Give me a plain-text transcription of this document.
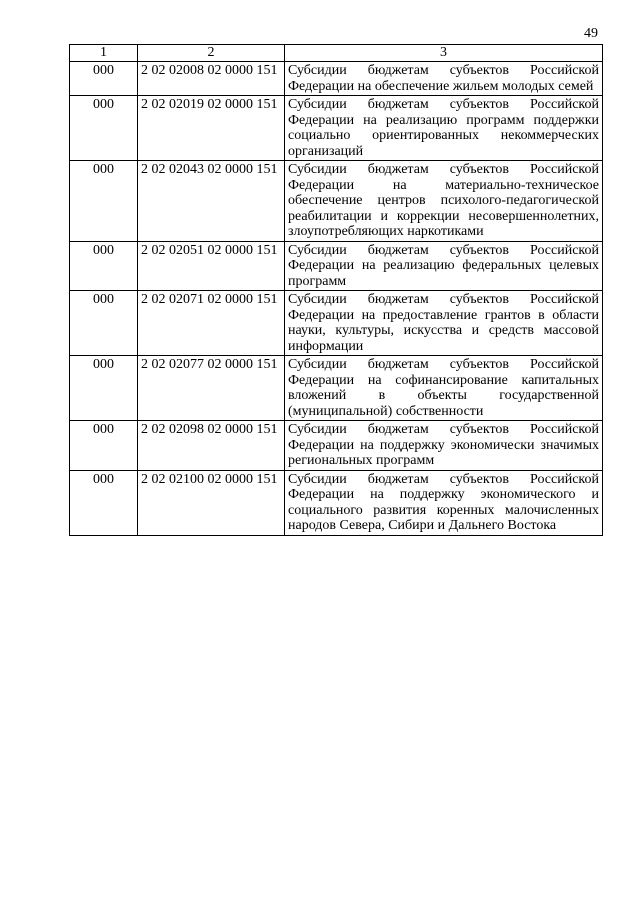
49
1	2	3
000	2 02 02008 02 0000 151	Субсидии бюджетам субъектов Российской Федерации на обеспечение жильем молодых семей
000	2 02 02019 02 0000 151	Субсидии бюджетам субъектов Российской Федерации на реализацию программ поддержки социально ориентированных некоммерческих организаций
000	2 02 02043 02 0000 151	Субсидии бюджетам субъектов Российской Федерации на материально-техническое обеспечение центров психолого-педагогической реабилитации и коррекции несовершеннолетних, злоупотребляющих наркотиками
000	2 02 02051 02 0000 151	Субсидии бюджетам субъектов Российской Федерации на реализацию федеральных целевых программ
000	2 02 02071 02 0000 151	Субсидии бюджетам субъектов Российской Федерации на предоставление грантов в области науки, культуры, искусства и средств массовой информации
000	2 02 02077 02 0000 151	Субсидии бюджетам субъектов Российской Федерации на софинансирование капитальных вложений в объекты государственной (муниципальной) собственности
000	2 02 02098 02 0000 151	Субсидии бюджетам субъектов Российской Федерации на поддержку экономически значимых региональных программ
000	2 02 02100 02 0000 151	Субсидии бюджетам субъектов Российской Федерации на поддержку экономического и социального развития коренных малочисленных народов Севера, Сибири и Дальнего Востока
